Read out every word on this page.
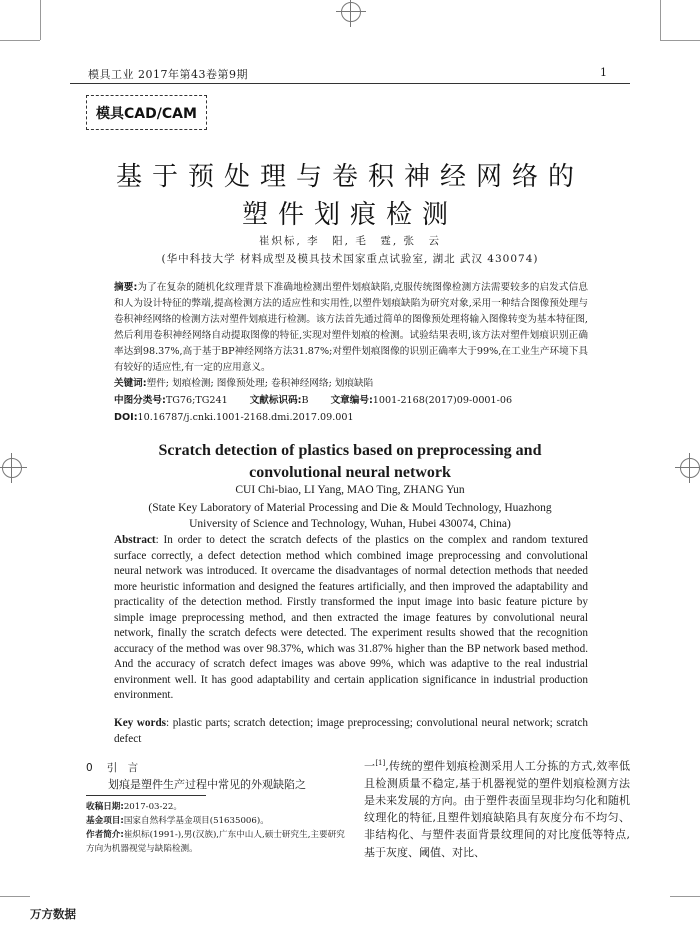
模具工业 2017年第43卷第9期	1
模具CAD/CAM
基于预处理与卷积神经网络的
塑件划痕检测
崔炽标, 李　阳, 毛　霆, 张　云
(华中科技大学 材料成型及模具技术国家重点试验室, 湖北 武汉 430074)
摘要:为了在复杂的随机化纹理背景下准确地检测出塑件划痕缺陷,克服传统图像检测方法需要较多的启发式信息和人为设计特征的弊端,提高检测方法的适应性和实用性,以塑件划痕缺陷为研究对象,采用一种结合图像预处理与卷积神经网络的检测方法对塑件划痕进行检测。该方法首先通过简单的图像预处理将输入图像转变为基本特征图,然后利用卷积神经网络自动提取图像的特征,实现对塑件划痕的检测。试验结果表明,该方法对塑件划痕识别正确率达到98.37%,高于基于BP神经网络方法31.87%;对塑件划痕图像的识别正确率大于99%,在工业生产环境下具有较好的适应性,有一定的应用意义。
关键词:塑件; 划痕检测; 图像预处理; 卷积神经网络; 划痕缺陷
中图分类号:TG76;TG241 文献标识码:B 文章编号:1001-2168(2017)09-0001-06
DOI:10.16787/j.cnki.1001-2168.dmi.2017.09.001
Scratch detection of plastics based on preprocessing and
convolutional neural network
CUI Chi-biao, LI Yang, MAO Ting, ZHANG Yun
(State Key Laboratory of Material Processing and Die & Mould Technology, Huazhong
University of Science and Technology, Wuhan, Hubei 430074, China)
Abstract: In order to detect the scratch defects of the plastics on the complex and random textured surface correctly, a defect detection method which combined image preprocessing and convolutional neural network was introduced. It overcame the disadvantages of normal detection methods that needed more heuristic information and designed the features artificially, and then improved the adaptability and practicality of the detection method. Firstly transformed the input image into basic feature picture by simple image preprocessing method, and then extracted the image features by convolutional neural network, finally the scratch defects were detected. The experiment results showed that the recognition accuracy of the method was over 98.37%, which was 31.87% higher than the BP network based method. And the accuracy of scratch defect images was above 99%, which was adaptive to the real industrial environment well. It has good adaptability and certain application significance in industrial production environment.
Key words: plastic parts; scratch detection; image preprocessing; convolutional neural network; scratch defect
0 引　言
划痕是塑件生产过程中常见的外观缺陷之
收稿日期:2017-03-22。
基金项目:国家自然科学基金项目(51635006)。
作者简介:崔炽标(1991-),男(汉族),广东中山人,硕士研究生,主要研究方向为机器视觉与缺陷检测。
一[1],传统的塑件划痕检测采用人工分拣的方式,效率低且检测质量不稳定,基于机器视觉的塑件划痕检测方法是未来发展的方向。由于塑件表面呈现非均匀化和随机纹理化的特征,且塑件划痕缺陷具有灰度分布不均匀、非结构化、与塑件表面背景纹理间的对比度低等特点,基于灰度、阈值、对比、
万方数据
